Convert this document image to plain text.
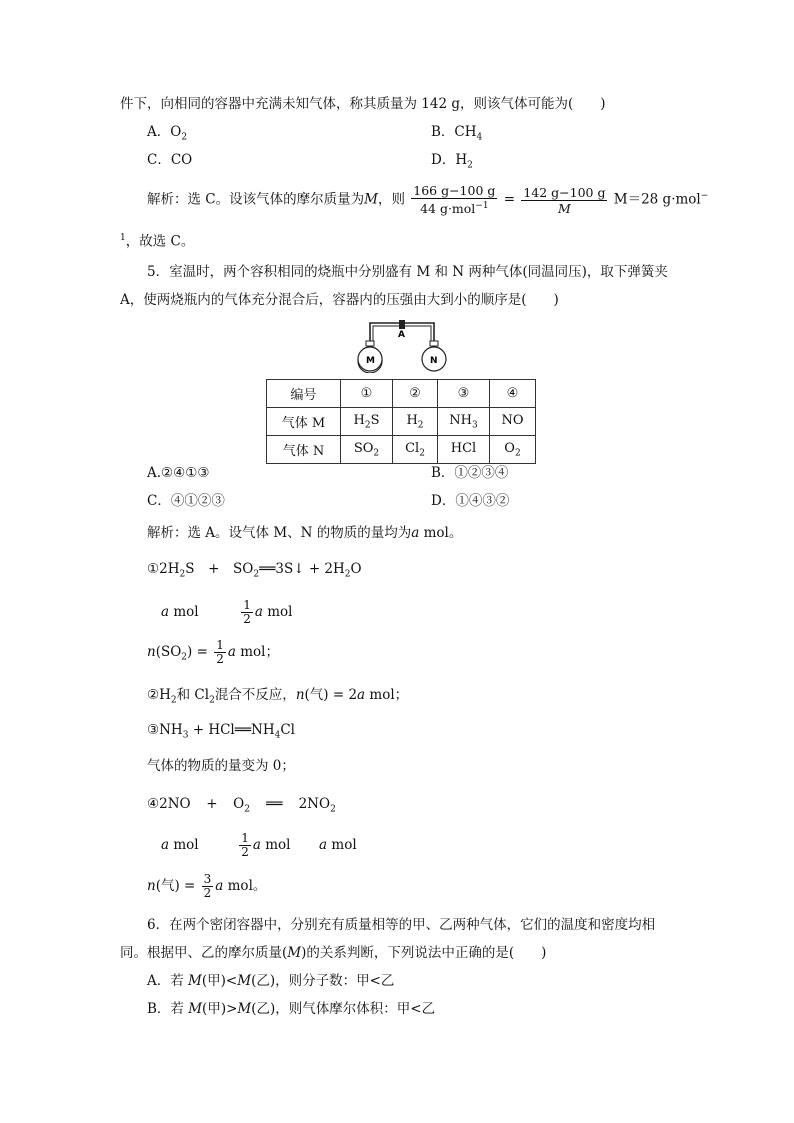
件下，向相同的容器中充满未知气体，称其质量为 142 g，则该气体可能为(　　)
A．$O_2$	B．$CH_4$
C．CO	D．$H_2$
解析：选 C。设该气体的摩尔质量为M，则 $\frac{166 g-100 g}{44 g\cdot mol^{-1}} = \frac{142 g-100 g}{M} M=28$ g·mol−
$^1$，故选 C。
5．室温时，两个容积相同的烧瓶中分别盛有 M 和 N 两种气体(同温同压)，取下弹簧夹
A，使两烧瓶内的气体充分混合后，容器内的压强由大到小的顺序是(　　)
A
M	N
编号	①	②	③	④
气体 M	$H_2S$	$H_2$	$NH_3$	NO
气体 N	$SO_2$	$Cl_2$	HCl	$O_2$
A.②④①③	B．①②③④
C．④①②③	D．①④③②
解析：选 A。设气体 M、N 的物质的量均为a mol。
$①2H_2S$ + $SO_2══3S↓ + 2H_2O$
a mol	$\frac{1}{2}$ a mol
$n(SO_2) = \frac{1}{2}$ a mol；
$②H_2$和 $Cl_2$混合不反应，n(气) = 2a mol；
$③NH_3$ + $HCl══NH_4Cl$
气体的物质的量变为 0；
④2NO + $O_2$ ══ $2NO_2$
a mol	$\frac{1}{2}$ a mol a mol
n(气) = $\frac{3}{2}$ a mol。
6．在两个密闭容器中，分别充有质量相等的甲、乙两种气体，它们的温度和密度均相
同。根据甲、乙的摩尔质量(M)的关系判断，下列说法中正确的是(　　)
A．若 M(甲)<M(乙)，则分子数：甲<乙
B．若 M(甲)>M(乙)，则气体摩尔体积：甲<乙
